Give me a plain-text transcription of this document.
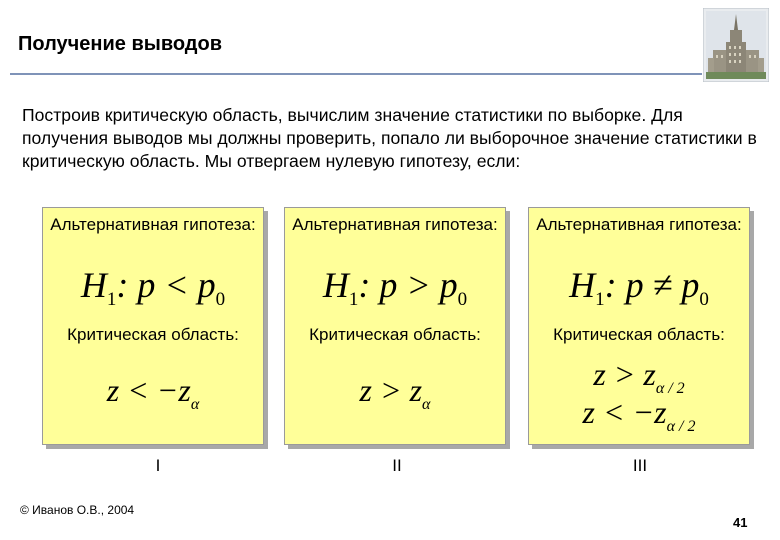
Получение выводов
Построив критическую область, вычислим значение статистики по выборке. Для получения выводов мы должны проверить, попало ли выборочное значение статистики в критическую область. Мы отвергаем нулевую гипотезу, если:
Альтернативная гипотеза:
$H_1$: $p < p_0$
Критическая область:
$z < -z_\alpha$
Альтернативная гипотеза:
$H_1$: $p > p_0$
Критическая область:
$z > z_\alpha$
Альтернативная гипотеза:
$H_1$: $p \ne p_0$
Критическая область:
$z > z_{\alpha / 2}$
$z < -z_{\alpha / 2}$
I	II	III
© Иванов О.В., 2004
41
